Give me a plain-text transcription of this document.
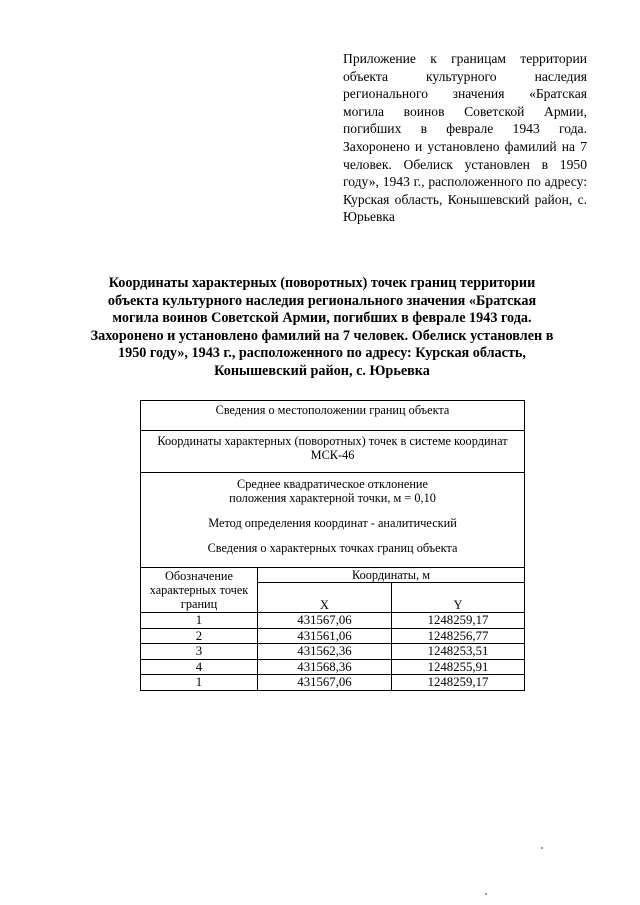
Приложение к границам территории объекта культурного наследия регионального значения «Братская могила воинов Советской Армии, погибших в феврале 1943 года. Захоронено и установлено фамилий на 7 человек. Обелиск установлен в 1950 году», 1943 г., расположенного по адресу: Курская область, Конышевский район, с. Юрьевка
Координаты характерных (поворотных) точек границ территории объекта культурного наследия регионального значения «Братская могила воинов Советской Армии, погибших в феврале 1943 года. Захоронено и установлено фамилий на 7 человек. Обелиск установлен в 1950 году», 1943 г., расположенного по адресу: Курская область, Конышевский район, с. Юрьевка
Сведения о местоположении границ объекта		
Координаты характерных (поворотных) точек в системе координат МСК-46		

Среднее квадратическое отклонение
положения характерной точки, м = 0,10
Метод определения координат - аналитический
Сведения о характерных точках границ объекта		

Обозначение характерных точек границ	Координаты, м	
	X	Y
1	431567,06	1248259,17
2	431561,06	1248256,77
3	431562,36	1248253,51
4	431568,36	1248255,91
1	431567,06	1248259,17
